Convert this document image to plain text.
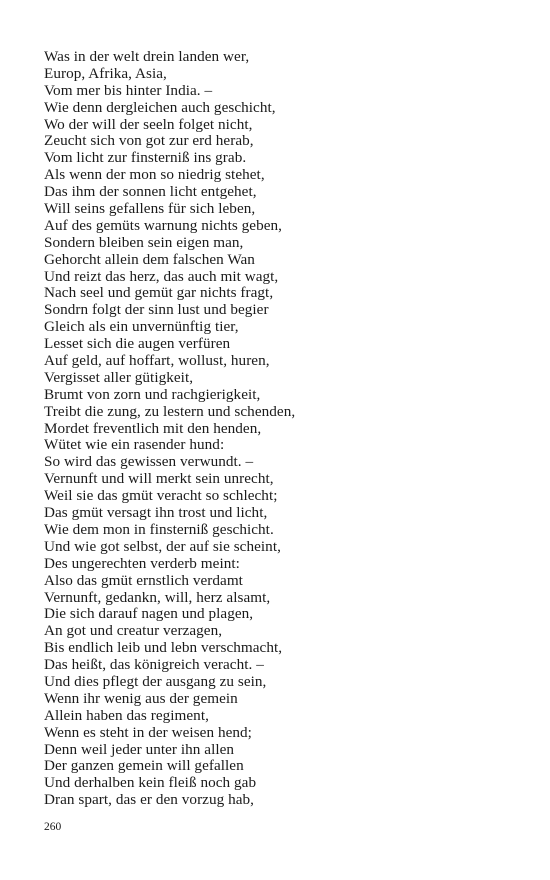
Was in der welt drein landen wer,
Europ, Afrika, Asia,
Vom mer bis hinter India. –
Wie denn dergleichen auch geschicht,
Wo der will der seeln folget nicht,
Zeucht sich von got zur erd herab,
Vom licht zur finsterniß ins grab.
Als wenn der mon so niedrig stehet,
Das ihm der sonnen licht entgehet,
Will seins gefallens für sich leben,
Auf des gemüts warnung nichts geben,
Sondern bleiben sein eigen man,
Gehorcht allein dem falschen Wan
Und reizt das herz, das auch mit wagt,
Nach seel und gemüt gar nichts fragt,
Sondrn folgt der sinn lust und begier
Gleich als ein unvernünftig tier,
Lesset sich die augen verfüren
Auf geld, auf hoffart, wollust, huren,
Vergisset aller gütigkeit,
Brumt von zorn und rachgierigkeit,
Treibt die zung, zu lestern und schenden,
Mordet freventlich mit den henden,
Wütet wie ein rasender hund:
So wird das gewissen verwundt. –
Vernunft und will merkt sein unrecht,
Weil sie das gmüt veracht so schlecht;
Das gmüt versagt ihn trost und licht,
Wie dem mon in finsterniß geschicht.
Und wie got selbst, der auf sie scheint,
Des ungerechten verderb meint:
Also das gmüt ernstlich verdamt
Vernunft, gedankn, will, herz alsamt,
Die sich darauf nagen und plagen,
An got und creatur verzagen,
Bis endlich leib und lebn verschmacht,
Das heißt, das königreich veracht. –
Und dies pflegt der ausgang zu sein,
Wenn ihr wenig aus der gemein
Allein haben das regiment,
Wenn es steht in der weisen hend;
Denn weil jeder unter ihn allen
Der ganzen gemein will gefallen
Und derhalben kein fleiß noch gab
Dran spart, das er den vorzug hab,
260
